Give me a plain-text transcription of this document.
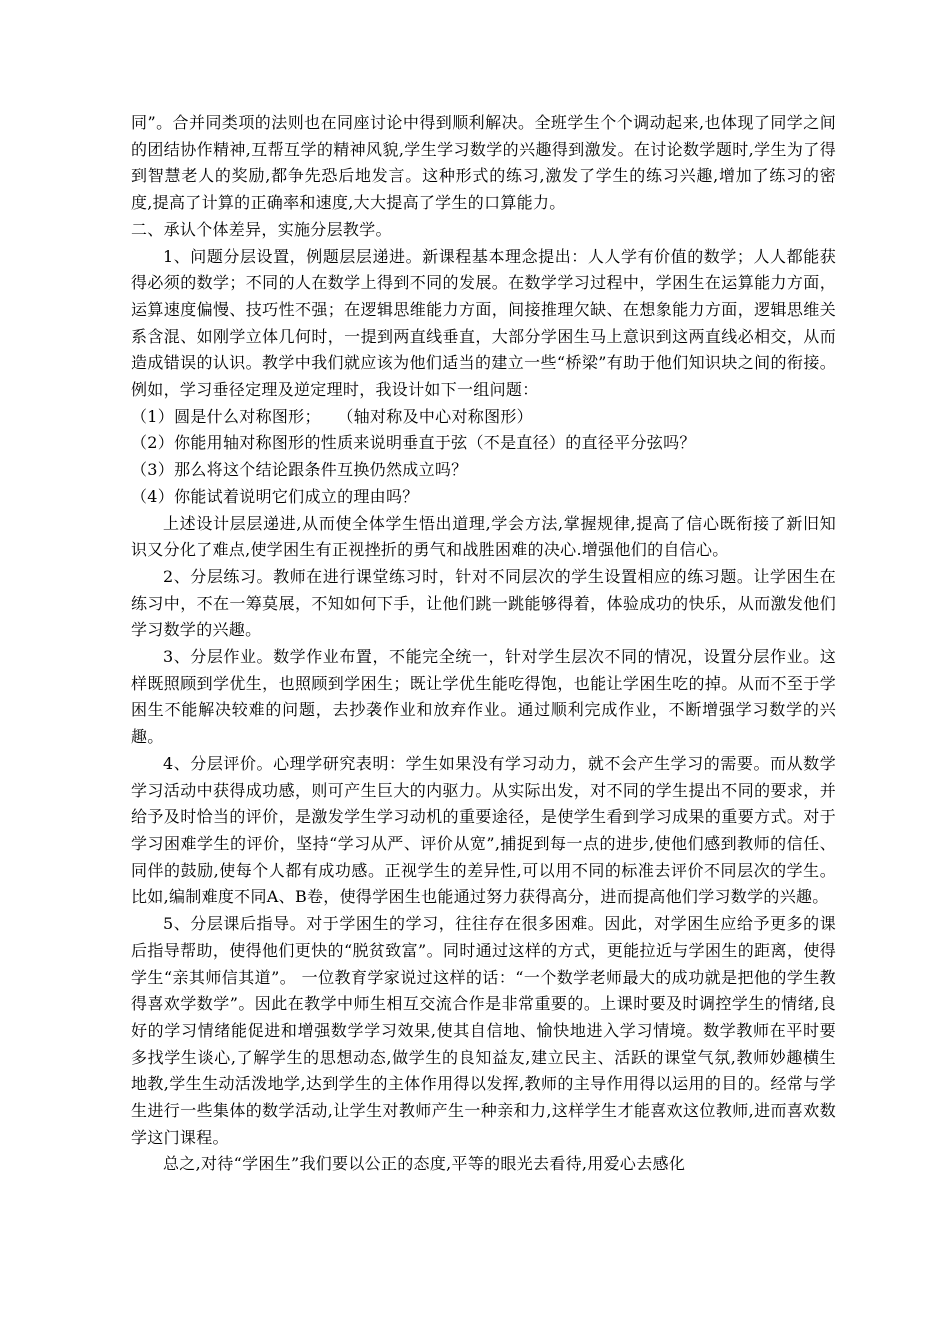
同”。合并同类项的法则也在同座讨论中得到顺利解决。全班学生个个调动起来,也体现了同学之间的团结协作精神,互帮互学的精神风貌,学生学习数学的兴趣得到激发。在讨论数学题时,学生为了得到智慧老人的奖励,都争先恐后地发言。这种形式的练习,激发了学生的练习兴趣,增加了练习的密度,提高了计算的正确率和速度,大大提高了学生的口算能力。

二、承认个体差异，实施分层教学。

1、问题分层设置，例题层层递进。新课程基本理念提出：人人学有价值的数学；人人都能获得必须的数学；不同的人在数学上得到不同的发展。在数学学习过程中，学困生在运算能力方面，运算速度偏慢、技巧性不强；在逻辑思维能力方面，间接推理欠缺、在想象能力方面，逻辑思维关系含混、如刚学立体几何时，一提到两直线垂直，大部分学困生马上意识到这两直线必相交，从而造成错误的认识。教学中我们就应该为他们适当的建立一些“桥梁”有助于他们知识块之间的衔接。例如，学习垂径定理及逆定理时，我设计如下一组问题：

（1）圆是什么对称图形；　　（轴对称及中心对称图形）

（2）你能用轴对称图形的性质来说明垂直于弦（不是直径）的直径平分弦吗？

（3）那么将这个结论跟条件互换仍然成立吗？

（4）你能试着说明它们成立的理由吗？

上述设计层层递进,从而使全体学生悟出道理,学会方法,掌握规律,提高了信心既衔接了新旧知识又分化了难点,使学困生有正视挫折的勇气和战胜困难的决心.增强他们的自信心。

2、分层练习。教师在进行课堂练习时，针对不同层次的学生设置相应的练习题。让学困生在练习中，不在一筹莫展，不知如何下手，让他们跳一跳能够得着，体验成功的快乐，从而激发他们学习数学的兴趣。

3、分层作业。数学作业布置，不能完全统一，针对学生层次不同的情况，设置分层作业。这样既照顾到学优生，也照顾到学困生；既让学优生能吃得饱，也能让学困生吃的掉。从而不至于学困生不能解决较难的问题，去抄袭作业和放弃作业。通过顺利完成作业，不断增强学习数学的兴趣。

4、分层评价。心理学研究表明：学生如果没有学习动力，就不会产生学习的需要。而从数学学习活动中获得成功感，则可产生巨大的内驱力。从实际出发，对不同的学生提出不同的要求，并给予及时恰当的评价，是激发学生学习动机的重要途径，是使学生看到学习成果的重要方式。对于学习困难学生的评价，坚持“学习从严、评价从宽”,捕捉到每一点的进步,使他们感到教师的信任、同伴的鼓励,使每个人都有成功感。正视学生的差异性,可以用不同的标准去评价不同层次的学生。比如,编制难度不同A、B卷，使得学困生也能通过努力获得高分，进而提高他们学习数学的兴趣。

5、分层课后指导。对于学困生的学习，往往存在很多困难。因此，对学困生应给予更多的课后指导帮助，使得他们更快的“脱贫致富”。同时通过这样的方式，更能拉近与学困生的距离，使得学生“亲其师信其道”。 一位教育学家说过这样的话：“一个数学老师最大的成功就是把他的学生教得喜欢学数学”。因此在教学中师生相互交流合作是非常重要的。上课时要及时调控学生的情绪,良好的学习情绪能促进和增强数学学习效果,使其自信地、愉快地进入学习情境。数学教师在平时要多找学生谈心,了解学生的思想动态,做学生的良知益友,建立民主、活跃的课堂气氛,教师妙趣横生地教,学生生动活泼地学,达到学生的主体作用得以发挥,教师的主导作用得以运用的目的。经常与学生进行一些集体的数学活动,让学生对教师产生一种亲和力,这样学生才能喜欢这位教师,进而喜欢数学这门课程。

总之,对待“学困生”我们要以公正的态度,平等的眼光去看待,用爱心去感化
